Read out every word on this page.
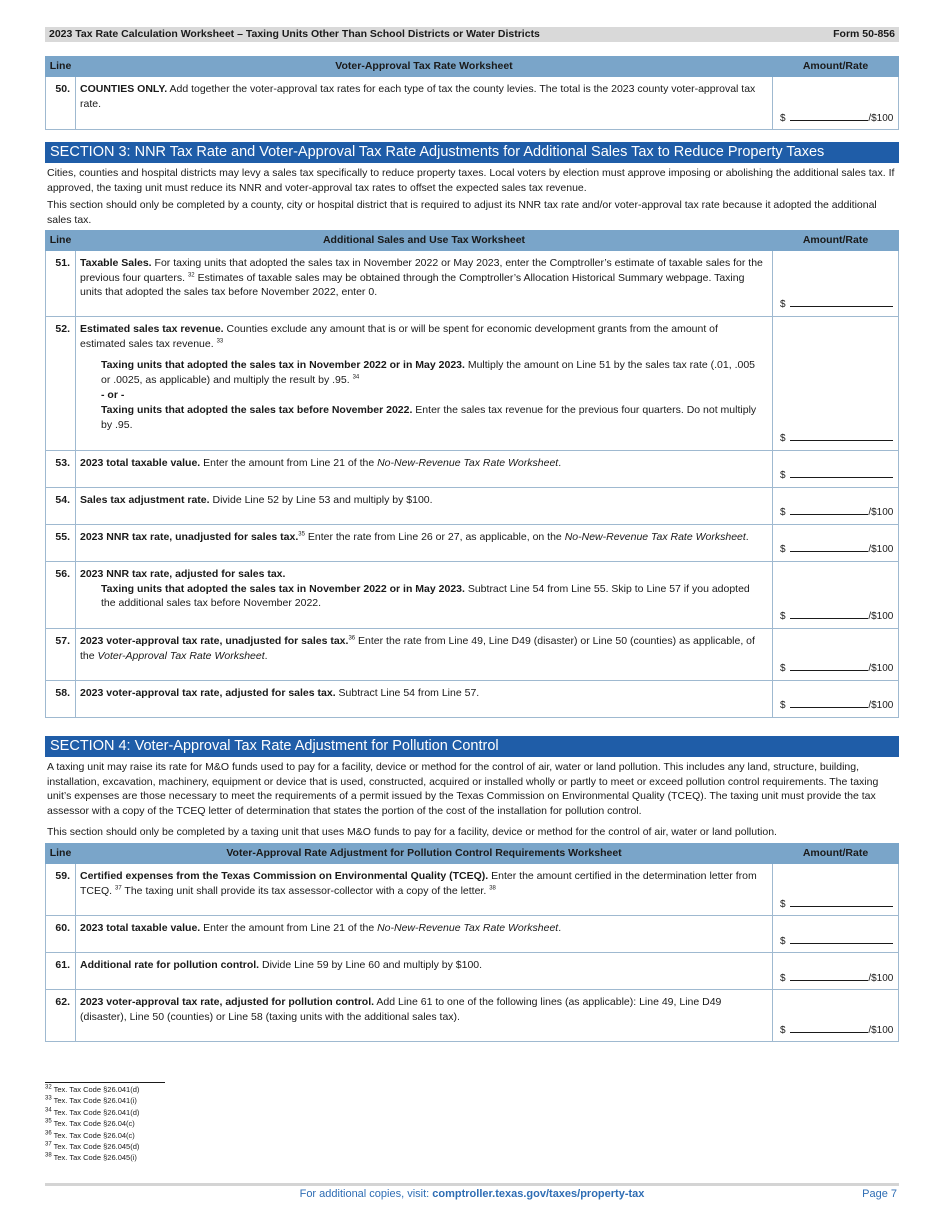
2023 Tax Rate Calculation Worksheet – Taxing Units Other Than School Districts or Water Districts	Form 50-856
Line	Voter-Approval Tax Rate Worksheet	Amount/Rate
50.	COUNTIES ONLY. Add together the voter-approval tax rates for each type of tax the county levies. The total is the 2023 county voter-approval tax rate.	$ /$100
SECTION 3: NNR Tax Rate and Voter-Approval Tax Rate Adjustments for Additional Sales Tax to Reduce Property Taxes

Cities, counties and hospital districts may levy a sales tax specifically to reduce property taxes. Local voters by election must approve imposing or abolishing the additional sales tax. If approved, the taxing unit must reduce its NNR and voter-approval tax rates to offset the expected sales tax revenue.

This section should only be completed by a county, city or hospital district that is required to adjust its NNR tax rate and/or voter-approval tax rate because it adopted the additional sales tax.

Line	Additional Sales and Use Tax Worksheet	Amount/Rate
51.	Taxable Sales. For taxing units that adopted the sales tax in November 2022 or May 2023, enter the Comptroller’s estimate of taxable sales for the previous four quarters. $^{32}$ Estimates of taxable sales may be obtained through the Comptroller’s Allocation Historical Summary webpage. Taxing units that adopted the sales tax before November 2022, enter 0.	$

52.	Estimated sales tax revenue. Counties exclude any amount that is or will be spent for economic development grants from the amount of estimated sales tax revenue. $^{33}$
Taxing units that adopted the sales tax in November 2022 or in May 2023. Multiply the amount on Line 51 by the sales tax rate (.01, .005 or .0025, as applicable) and multiply the result by .95. $^{34}$
- or -
Taxing units that adopted the sales tax before November 2022. Enter the sales tax revenue for the previous four quarters. Do not multiply by .95.	$

53.	2023 total taxable value. Enter the amount from Line 21 of the No-New-Revenue Tax Rate Worksheet.	$

54.	Sales tax adjustment rate. Divide Line 52 by Line 53 and multiply by $100.	$ /$100

55.	2023 NNR tax rate, unadjusted for sales tax.$^{35}$ Enter the rate from Line 26 or 27, as applicable, on the No-New-Revenue Tax Rate Worksheet.	$ /$100

56.	2023 NNR tax rate, adjusted for sales tax.
Taxing units that adopted the sales tax in November 2022 or in May 2023. Subtract Line 54 from Line 55. Skip to Line 57 if you adopted the additional sales tax before November 2022.	$ /$100

57.	2023 voter-approval tax rate, unadjusted for sales tax.$^{36}$ Enter the rate from Line 49, Line D49 (disaster) or Line 50 (counties) as applicable, of the Voter-Approval Tax Rate Worksheet.	$ /$100

58.	2023 voter-approval tax rate, adjusted for sales tax. Subtract Line 54 from Line 57.	$ /$100
SECTION 4: Voter-Approval Tax Rate Adjustment for Pollution Control

A taxing unit may raise its rate for M&O funds used to pay for a facility, device or method for the control of air, water or land pollution. This includes any land, structure, building, installation, excavation, machinery, equipment or device that is used, constructed, acquired or installed wholly or partly to meet or exceed pollution control requirements. The taxing unit’s expenses are those necessary to meet the requirements of a permit issued by the Texas Commission on Environmental Quality (TCEQ). The taxing unit must provide the tax assessor with a copy of the TCEQ letter of determination that states the portion of the cost of the installation for pollution control.

This section should only be completed by a taxing unit that uses M&O funds to pay for a facility, device or method for the control of air, water or land pollution.

Line	Voter-Approval Rate Adjustment for Pollution Control Requirements Worksheet	Amount/Rate
59.	Certified expenses from the Texas Commission on Environmental Quality (TCEQ). Enter the amount certified in the determination letter from TCEQ. $^{37}$ The taxing unit shall provide its tax assessor-collector with a copy of the letter. $^{38}$	$

60.	2023 total taxable value. Enter the amount from Line 21 of the No-New-Revenue Tax Rate Worksheet.	$

61.	Additional rate for pollution control. Divide Line 59 by Line 60 and multiply by $100.	$ /$100

62.	2023 voter-approval tax rate, adjusted for pollution control. Add Line 61 to one of the following lines (as applicable): Line 49, Line D49 (disaster), Line 50 (counties) or Line 58 (taxing units with the additional sales tax).	$ /$100
$^{32}$ Tex. Tax Code §26.041(d)
$^{33}$ Tex. Tax Code §26.041(i)
$^{34}$ Tex. Tax Code §26.041(d)
$^{35}$ Tex. Tax Code §26.04(c)
$^{36}$ Tex. Tax Code §26.04(c)
$^{37}$ Tex. Tax Code §26.045(d)
$^{38}$ Tex. Tax Code §26.045(i)
For additional copies, visit: comptroller.texas.gov/taxes/property-tax	Page 7
